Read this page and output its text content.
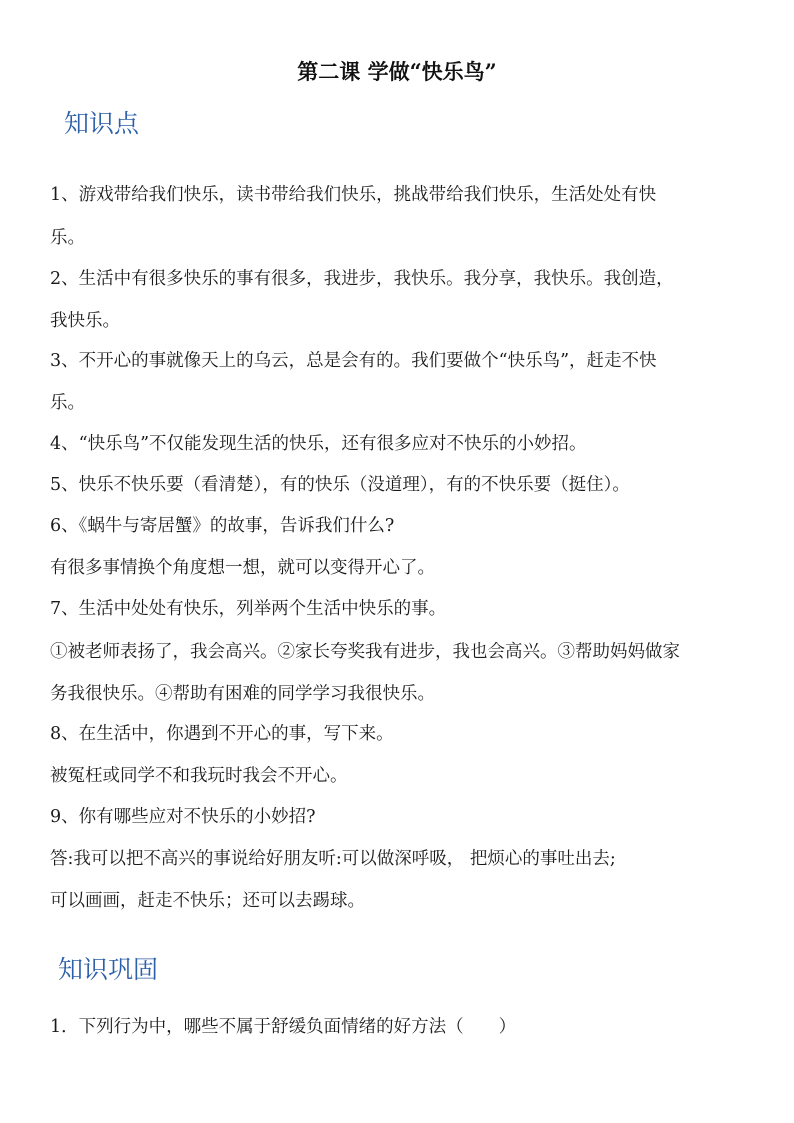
第二课 学做“快乐鸟”
知识点
1、游戏带给我们快乐，读书带给我们快乐，挑战带给我们快乐，生活处处有快
乐。
2、生活中有很多快乐的事有很多，我进步，我快乐。我分享，我快乐。我创造，
我快乐。
3、不开心的事就像天上的乌云，总是会有的。我们要做个“快乐鸟”，赶走不快
乐。
4、“快乐鸟”不仅能发现生活的快乐，还有很多应对不快乐的小妙招。
5、快乐不快乐要（看清楚），有的快乐（没道理），有的不快乐要（挺住）。
6、《蜗牛与寄居蟹》的故事，告诉我们什么?
有很多事情换个角度想一想，就可以变得开心了。
7、生活中处处有快乐，列举两个生活中快乐的事。
①被老师表扬了，我会高兴。②家长夸奖我有进步，我也会高兴。③帮助妈妈做家
务我很快乐。④帮助有困难的同学学习我很快乐。
8、在生活中，你遇到不开心的事，写下来。
被冤枉或同学不和我玩时我会不开心。
9、你有哪些应对不快乐的小妙招?
答:我可以把不高兴的事说给好朋友听:可以做深呼吸， 把烦心的事吐出去;
可以画画，赶走不快乐；还可以去踢球。
知识巩固
1．下列行为中，哪些不属于舒缓负面情绪的好方法（　　）
